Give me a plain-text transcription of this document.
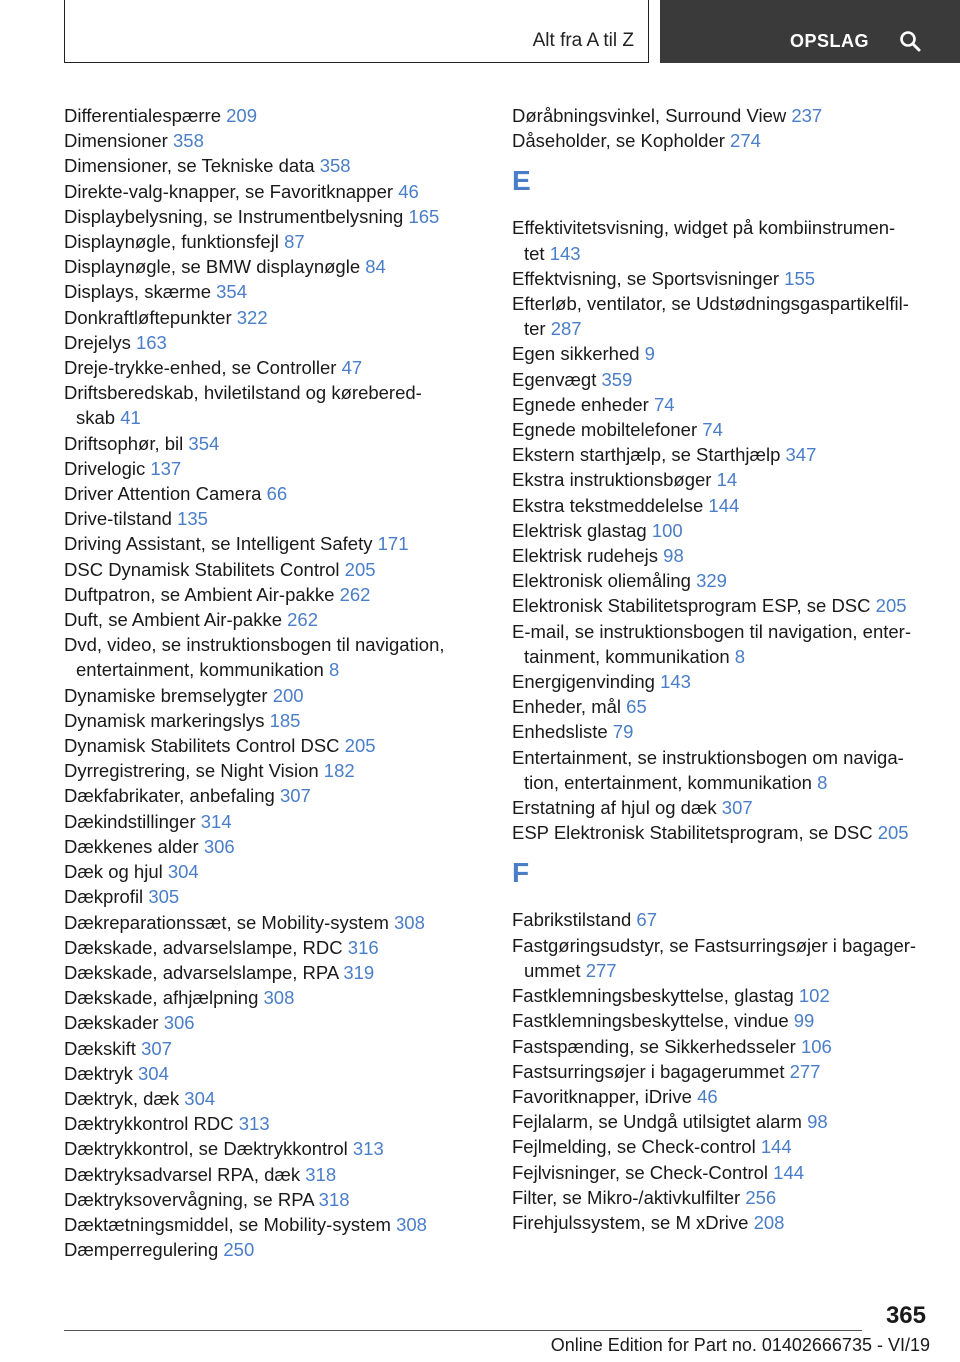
Alt fra A til Z	OPSLAG
Differentialespærre 209
Dimensioner 358
Dimensioner, se Tekniske data 358
Direkte-valg-knapper, se Favoritknapper 46
Displaybelysning, se Instrumentbelysning 165
Displaynøgle, funktionsfejl 87
Displaynøgle, se BMW displaynøgle 84
Displays, skærme 354
Donkraftløftepunkter 322
Drejelys 163
Dreje-trykke-enhed, se Controller 47
Driftsberedskab, hviletilstand og kørebered-
skab 41
Driftsophør, bil 354
Drivelogic 137
Driver Attention Camera 66
Drive-tilstand 135
Driving Assistant, se Intelligent Safety 171
DSC Dynamisk Stabilitets Control 205
Duftpatron, se Ambient Air-pakke 262
Duft, se Ambient Air-pakke 262
Dvd, video, se instruktionsbogen til navigation,
entertainment, kommunikation 8
Dynamiske bremselygter 200
Dynamisk markeringslys 185
Dynamisk Stabilitets Control DSC 205
Dyrregistrering, se Night Vision 182
Dækfabrikater, anbefaling 307
Dækindstillinger 314
Dækkenes alder 306
Dæk og hjul 304
Dækprofil 305
Dækreparationssæt, se Mobility-system 308
Dækskade, advarselslampe, RDC 316
Dækskade, advarselslampe, RPA 319
Dækskade, afhjælpning 308
Dækskader 306
Dækskift 307
Dæktryk 304
Dæktryk, dæk 304
Dæktrykkontrol RDC 313
Dæktrykkontrol, se Dæktrykkontrol 313
Dæktryksadvarsel RPA, dæk 318
Dæktryksovervågning, se RPA 318
Dæktætningsmiddel, se Mobility-system 308
Dæmperregulering 250
Døråbningsvinkel, Surround View 237
Dåseholder, se Kopholder 274
E
Effektivitetsvisning, widget på kombiinstrumen-
tet 143
Effektvisning, se Sportsvisninger 155
Efterløb, ventilator, se Udstødningsgaspartikelfil-
ter 287
Egen sikkerhed 9
Egenvægt 359
Egnede enheder 74
Egnede mobiltelefoner 74
Ekstern starthjælp, se Starthjælp 347
Ekstra instruktionsbøger 14
Ekstra tekstmeddelelse 144
Elektrisk glastag 100
Elektrisk rudehejs 98
Elektronisk oliemåling 329
Elektronisk Stabilitetsprogram ESP, se DSC 205
E-mail, se instruktionsbogen til navigation, enter-
tainment, kommunikation 8
Energigenvinding 143
Enheder, mål 65
Enhedsliste 79
Entertainment, se instruktionsbogen om naviga-
tion, entertainment, kommunikation 8
Erstatning af hjul og dæk 307
ESP Elektronisk Stabilitetsprogram, se DSC 205
F
Fabrikstilstand 67
Fastgøringsudstyr, se Fastsurringsøjer i bagager-
ummet 277
Fastklemningsbeskyttelse, glastag 102
Fastklemningsbeskyttelse, vindue 99
Fastspænding, se Sikkerhedsseler 106
Fastsurringsøjer i bagagerummet 277
Favoritknapper, iDrive 46
Fejlalarm, se Undgå utilsigtet alarm 98
Fejlmelding, se Check-control 144
Fejlvisninger, se Check-Control 144
Filter, se Mikro-/aktivkulfilter 256
Firehjulssystem, se M xDrive 208
365
Online Edition for Part no. 01402666735 - VI/19
